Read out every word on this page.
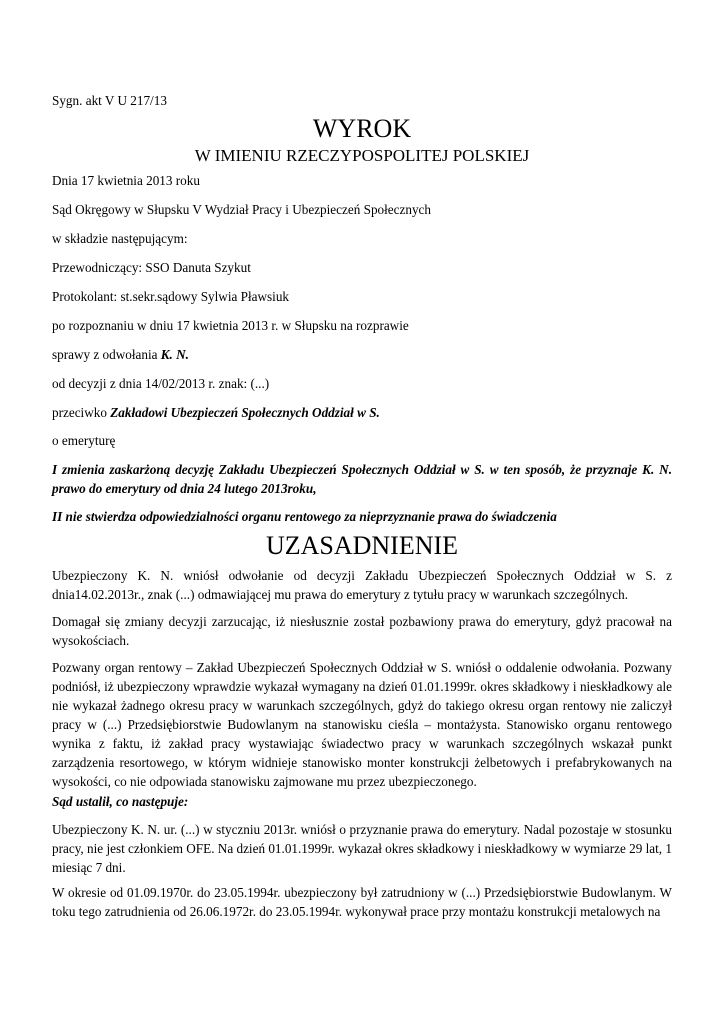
Sygn. akt V U 217/13
WYROK
W IMIENIU RZECZYPOSPOLITEJ POLSKIEJ
Dnia 17 kwietnia 2013 roku
Sąd Okręgowy w Słupsku V Wydział Pracy i Ubezpieczeń Społecznych
w składzie następującym:
Przewodniczący: SSO Danuta Szykut
Protokolant: st.sekr.sądowy Sylwia Pławsiuk
po rozpoznaniu w dniu 17 kwietnia 2013 r. w Słupsku na rozprawie
sprawy z odwołania K. N.
od decyzji z dnia 14/02/2013 r. znak: (...)
przeciwko Zakładowi Ubezpieczeń Społecznych Oddział w S.
o emeryturę
I zmienia zaskarżoną decyzję Zakładu Ubezpieczeń Społecznych Oddział w S. w ten sposób, że przyznaje K. N. prawo do emerytury od dnia 24 lutego 2013roku,
II nie stwierdza odpowiedzialności organu rentowego za nieprzyznanie prawa do świadczenia
UZASADNIENIE
Ubezpieczony K. N. wniósł odwołanie od decyzji Zakładu Ubezpieczeń Społecznych Oddział w S. z dnia14.02.2013r., znak (...) odmawiającej mu prawa do emerytury z tytułu pracy w warunkach szczególnych.
Domagał się zmiany decyzji zarzucając, iż niesłusznie został pozbawiony prawa do emerytury, gdyż pracował na wysokościach.
Pozwany organ rentowy – Zakład Ubezpieczeń Społecznych Oddział w S. wniósł o oddalenie odwołania. Pozwany podniósł, iż ubezpieczony wprawdzie wykazał wymagany na dzień 01.01.1999r. okres składkowy i nieskładkowy ale nie wykazał żadnego okresu pracy w warunkach szczególnych, gdyż do takiego okresu organ rentowy nie zaliczył pracy w (...) Przedsiębiorstwie Budowlanym na stanowisku cieśla – montażysta. Stanowisko organu rentowego wynika z faktu, iż zakład pracy wystawiając świadectwo pracy w warunkach szczególnych wskazał punkt zarządzenia resortowego, w którym widnieje stanowisko monter konstrukcji żelbetowych i prefabrykowanych na wysokości, co nie odpowiada stanowisku zajmowane mu przez ubezpieczonego.
Sąd ustalił, co następuje:
Ubezpieczony K. N. ur. (...) w styczniu 2013r. wniósł o przyznanie prawa do emerytury. Nadal pozostaje w stosunku pracy, nie jest członkiem OFE. Na dzień 01.01.1999r. wykazał okres składkowy i nieskładkowy w wymiarze 29 lat, 1 miesiąc 7 dni.
W okresie od 01.09.1970r. do 23.05.1994r. ubezpieczony był zatrudniony w (...) Przedsiębiorstwie Budowlanym. W toku tego zatrudnienia od 26.06.1972r. do 23.05.1994r. wykonywał prace przy montażu konstrukcji metalowych na
